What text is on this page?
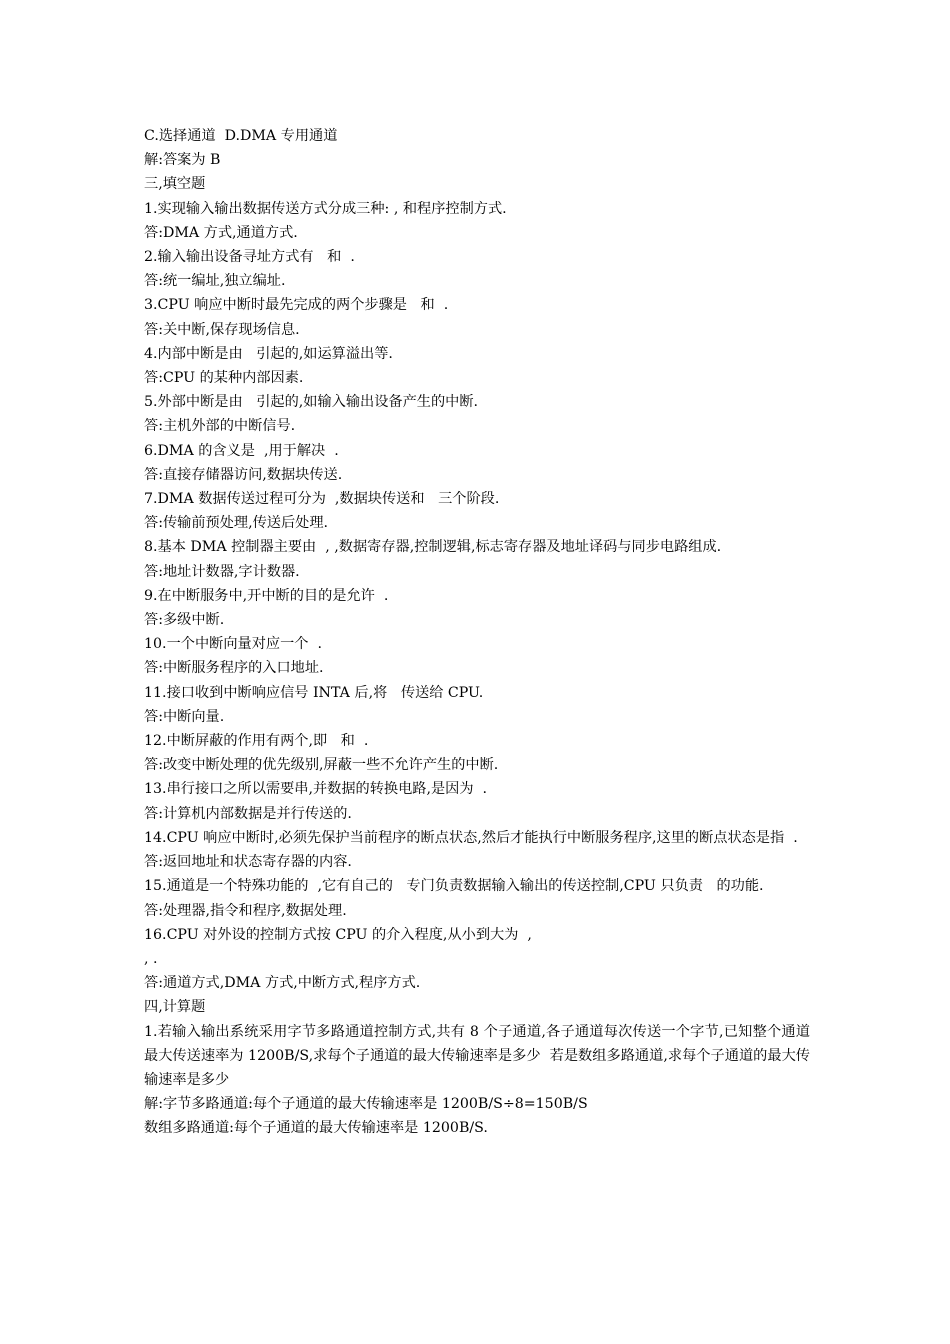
C.选择通道  D.DMA 专用通道
解:答案为 B
三,填空题
1.实现输入输出数据传送方式分成三种: , 和程序控制方式.
答:DMA 方式,通道方式.
2.输入输出设备寻址方式有   和  .
答:统一编址,独立编址.
3.CPU 响应中断时最先完成的两个步骤是   和  .
答:关中断,保存现场信息.
4.内部中断是由   引起的,如运算溢出等.
答:CPU 的某种内部因素.
5.外部中断是由   引起的,如输入输出设备产生的中断.
答:主机外部的中断信号.
6.DMA 的含义是  ,用于解决  .
答:直接存储器访问,数据块传送.
7.DMA 数据传送过程可分为  ,数据块传送和   三个阶段.
答:传输前预处理,传送后处理.
8.基本 DMA 控制器主要由  , ,数据寄存器,控制逻辑,标志寄存器及地址译码与同步电路组成.
答:地址计数器,字计数器.
9.在中断服务中,开中断的目的是允许  .
答:多级中断.
10.一个中断向量对应一个  .
答:中断服务程序的入口地址.
11.接口收到中断响应信号 INTA 后,将   传送给 CPU.
答:中断向量.
12.中断屏蔽的作用有两个,即   和  .
答:改变中断处理的优先级别,屏蔽一些不允许产生的中断.
13.串行接口之所以需要串,并数据的转换电路,是因为  .
答:计算机内部数据是并行传送的.
14.CPU 响应中断时,必须先保护当前程序的断点状态,然后才能执行中断服务程序,这里的断点状态是指  .
答:返回地址和状态寄存器的内容.
15.通道是一个特殊功能的  ,它有自己的   专门负责数据输入输出的传送控制,CPU 只负责   的功能.
答:处理器,指令和程序,数据处理.
16.CPU 对外设的控制方式按 CPU 的介入程度,从小到大为  ,
, .
答:通道方式,DMA 方式,中断方式,程序方式.
四,计算题
1.若输入输出系统采用字节多路通道控制方式,共有 8 个子通道,各子通道每次传送一个字节,已知整个通道最大传送速率为 1200B/S,求每个子通道的最大传输速率是多少  若是数组多路通道,求每个子通道的最大传输速率是多少
解:字节多路通道:每个子通道的最大传输速率是 1200B/S÷8=150B/S
数组多路通道:每个子通道的最大传输速率是 1200B/S.
